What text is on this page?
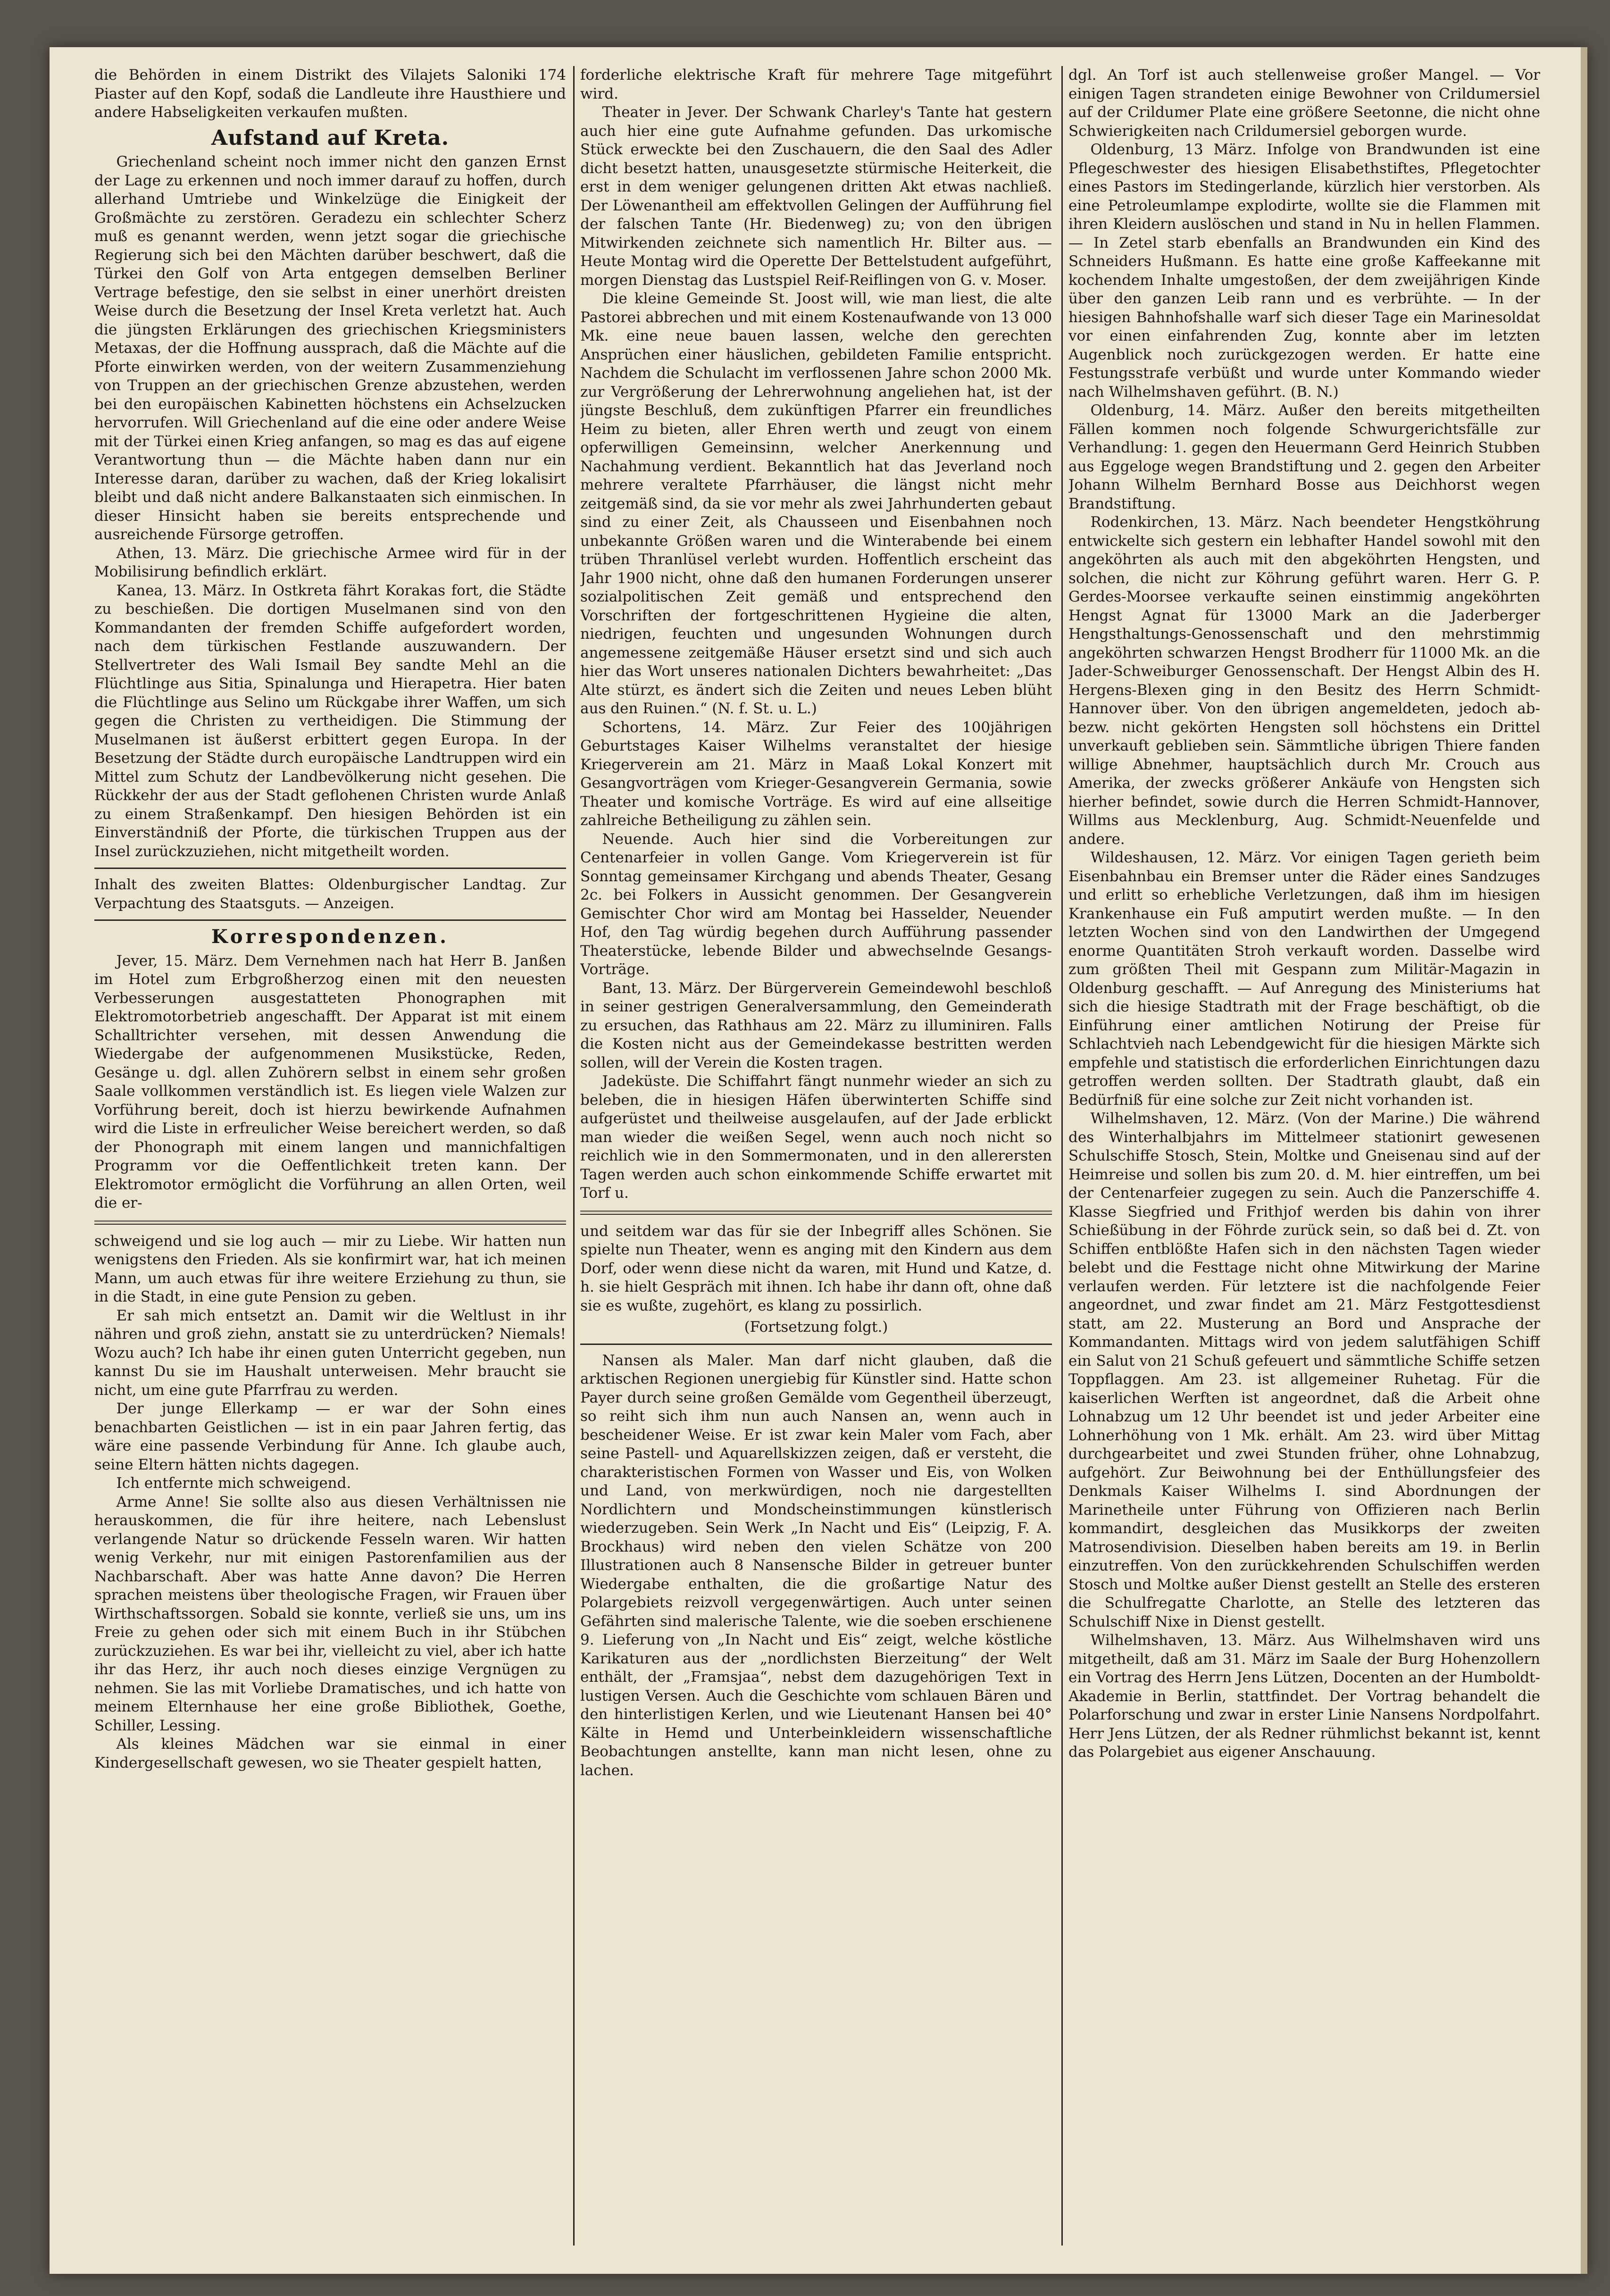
die Behörden in einem Distrikt des Vilajets Saloniki 174 Piaster auf den Kopf, sodaß die Landleute ihre Hausthiere und andere Habseligkeiten verkaufen mußten.

Aufstand auf Kreta.

Griechenland scheint noch immer nicht den ganzen Ernst der Lage zu erkennen und noch immer darauf zu hoffen, durch allerhand Umtriebe und Winkelzüge die Einigkeit der Großmächte zu zerstören. Geradezu ein schlechter Scherz muß es genannt werden, wenn jetzt sogar die griechische Regierung sich bei den Mächten darüber beschwert, daß die Türkei den Golf von Arta entgegen demselben Berliner Vertrage befestige, den sie selbst in einer unerhört dreisten Weise durch die Besetzung der Insel Kreta verletzt hat. Auch die jüngsten Erklärungen des griechischen Kriegsministers Metaxas, der die Hoffnung aussprach, daß die Mächte auf die Pforte einwirken werden, von der weitern Zusammenziehung von Truppen an der griechischen Grenze abzustehen, werden bei den europäischen Kabinetten höchstens ein Achselzucken hervorrufen. Will Griechenland auf die eine oder andere Weise mit der Türkei einen Krieg anfangen, so mag es das auf eigene Verantwortung thun — die Mächte haben dann nur ein Interesse daran, darüber zu wachen, daß der Krieg lokalisirt bleibt und daß nicht andere Balkanstaaten sich einmischen. In dieser Hinsicht haben sie bereits entsprechende und ausreichende Fürsorge getroffen.

Athen, 13. März. Die griechische Armee wird für in der Mobilisirung befindlich erklärt.

Kanea, 13. März. In Ostkreta fährt Korakas fort, die Städte zu beschießen. Die dortigen Muselmanen sind von den Kommandanten der fremden Schiffe aufgefordert worden, nach dem türkischen Festlande auszuwandern. Der Stellvertreter des Wali Ismail Bey sandte Mehl an die Flüchtlinge aus Sitia, Spinalunga und Hierapetra. Hier baten die Flüchtlinge aus Selino um Rückgabe ihrer Waffen, um sich gegen die Christen zu vertheidigen. Die Stimmung der Muselmanen ist äußerst erbittert gegen Europa. In der Besetzung der Städte durch europäische Landtruppen wird ein Mittel zum Schutz der Landbevölkerung nicht gesehen. Die Rückkehr der aus der Stadt geflohenen Christen wurde Anlaß zu einem Straßenkampf. Den hiesigen Behörden ist ein Einverständniß der Pforte, die türkischen Truppen aus der Insel zurückzuziehen, nicht mitgetheilt worden.

Inhalt des zweiten Blattes: Oldenburgischer Landtag. Zur Verpachtung des Staatsguts. — Anzeigen.

Korrespondenzen.

Jever, 15. März. Dem Vernehmen nach hat Herr B. Janßen im Hotel zum Erbgroßherzog einen mit den neuesten Verbesserungen ausgestatteten Phonographen mit Elektromotorbetrieb angeschafft. Der Apparat ist mit einem Schalltrichter versehen, mit dessen Anwendung die Wiedergabe der aufgenommenen Musikstücke, Reden, Gesänge u. dgl. allen Zuhörern selbst in einem sehr großen Saale vollkommen verständlich ist. Es liegen viele Walzen zur Vorführung bereit, doch ist hierzu bewirkende Aufnahmen wird die Liste in erfreulicher Weise bereichert werden, so daß der Phonograph mit einem langen und mannichfaltigen Programm vor die Oeffentlichkeit treten kann. Der Elektromotor ermöglicht die Vorführung an allen Orten, weil die er-

schweigend und sie log auch — mir zu Liebe. Wir hatten nun wenigstens den Frieden. Als sie konfirmirt war, hat ich meinen Mann, um auch etwas für ihre weitere Erziehung zu thun, sie in die Stadt, in eine gute Pension zu geben.

Er sah mich entsetzt an. Damit wir die Weltlust in ihr nähren und groß ziehn, anstatt sie zu unterdrücken? Niemals! Wozu auch? Ich habe ihr einen guten Unterricht gegeben, nun kannst Du sie im Haushalt unterweisen. Mehr braucht sie nicht, um eine gute Pfarrfrau zu werden.

Der junge Ellerkamp — er war der Sohn eines benachbarten Geistlichen — ist in ein paar Jahren fertig, das wäre eine passende Verbindung für Anne. Ich glaube auch, seine Eltern hätten nichts dagegen.

Ich entfernte mich schweigend.

Arme Anne! Sie sollte also aus diesen Verhältnissen nie herauskommen, die für ihre heitere, nach Lebenslust verlangende Natur so drückende Fesseln waren. Wir hatten wenig Verkehr, nur mit einigen Pastorenfamilien aus der Nachbarschaft. Aber was hatte Anne davon? Die Herren sprachen meistens über theologische Fragen, wir Frauen über Wirthschaftssorgen. Sobald sie konnte, verließ sie uns, um ins Freie zu gehen oder sich mit einem Buch in ihr Stübchen zurückzuziehen. Es war bei ihr, vielleicht zu viel, aber ich hatte ihr das Herz, ihr auch noch dieses einzige Vergnügen zu nehmen. Sie las mit Vorliebe Dramatisches, und ich hatte von meinem Elternhause her eine große Bibliothek, Goethe, Schiller, Lessing.

Als kleines Mädchen war sie einmal in einer Kindergesellschaft gewesen, wo sie Theater gespielt hatten,

forderliche elektrische Kraft für mehrere Tage mitgeführt wird.

Theater in Jever. Der Schwank Charley's Tante hat gestern auch hier eine gute Aufnahme gefunden. Das urkomische Stück erweckte bei den Zuschauern, die den Saal des Adler dicht besetzt hatten, unausgesetzte stürmische Heiterkeit, die erst in dem weniger gelungenen dritten Akt etwas nachließ. Der Löwenantheil am effektvollen Gelingen der Aufführung fiel der falschen Tante (Hr. Biedenweg) zu; von den übrigen Mitwirkenden zeichnete sich namentlich Hr. Bilter aus. — Heute Montag wird die Operette Der Bettelstudent aufgeführt, morgen Dienstag das Lustspiel Reif-Reiflingen von G. v. Moser.

Die kleine Gemeinde St. Joost will, wie man liest, die alte Pastorei abbrechen und mit einem Kostenaufwande von 13 000 Mk. eine neue bauen lassen, welche den gerechten Ansprüchen einer häuslichen, gebildeten Familie entspricht. Nachdem die Schulacht im verflossenen Jahre schon 2000 Mk. zur Vergrößerung der Lehrerwohnung angeliehen hat, ist der jüngste Beschluß, dem zukünftigen Pfarrer ein freundliches Heim zu bieten, aller Ehren werth und zeugt von einem opferwilligen Gemeinsinn, welcher Anerkennung und Nachahmung verdient. Bekanntlich hat das Jeverland noch mehrere veraltete Pfarrhäuser, die längst nicht mehr zeitgemäß sind, da sie vor mehr als zwei Jahrhunderten gebaut sind zu einer Zeit, als Chausseen und Eisenbahnen noch unbekannte Größen waren und die Winterabende bei einem trüben Thranlüsel verlebt wurden. Hoffentlich erscheint das Jahr 1900 nicht, ohne daß den humanen Forderungen unserer sozialpolitischen Zeit gemäß und entsprechend den Vorschriften der fortgeschrittenen Hygieine die alten, niedrigen, feuchten und ungesunden Wohnungen durch angemessene zeitgemäße Häuser ersetzt sind und sich auch hier das Wort unseres nationalen Dichters bewahrheitet: „Das Alte stürzt, es ändert sich die Zeiten und neues Leben blüht aus den Ruinen.“ (N. f. St. u. L.)

Schortens, 14. März. Zur Feier des 100jährigen Geburtstages Kaiser Wilhelms veranstaltet der hiesige Kriegerverein am 21. März in Maaß Lokal Konzert mit Gesangvorträgen vom Krieger-Gesangverein Germania, sowie Theater und komische Vorträge. Es wird auf eine allseitige zahlreiche Betheiligung zu zählen sein.

Neuende. Auch hier sind die Vorbereitungen zur Centenarfeier in vollen Gange. Vom Kriegerverein ist für Sonntag gemeinsamer Kirchgang und abends Theater, Gesang 2c. bei Folkers in Aussicht genommen. Der Gesangverein Gemischter Chor wird am Montag bei Hasselder, Neuender Hof, den Tag würdig begehen durch Aufführung passender Theaterstücke, lebende Bilder und abwechselnde Gesangs-Vorträge.

Bant, 13. März. Der Bürgerverein Gemeindewohl beschloß in seiner gestrigen Generalversammlung, den Gemeinderath zu ersuchen, das Rathhaus am 22. März zu illuminiren. Falls die Kosten nicht aus der Gemeindekasse bestritten werden sollen, will der Verein die Kosten tragen.

Jadeküste. Die Schiffahrt fängt nunmehr wieder an sich zu beleben, die in hiesigen Häfen überwinterten Schiffe sind aufgerüstet und theilweise ausgelaufen, auf der Jade erblickt man wieder die weißen Segel, wenn auch noch nicht so reichlich wie in den Sommermonaten, und in den allerersten Tagen werden auch schon einkommende Schiffe erwartet mit Torf u.

und seitdem war das für sie der Inbegriff alles Schönen. Sie spielte nun Theater, wenn es anging mit den Kindern aus dem Dorf, oder wenn diese nicht da waren, mit Hund und Katze, d. h. sie hielt Gespräch mit ihnen. Ich habe ihr dann oft, ohne daß sie es wußte, zugehört, es klang zu possirlich.

(Fortsetzung folgt.)

Nansen als Maler. Man darf nicht glauben, daß die arktischen Regionen unergiebig für Künstler sind. Hatte schon Payer durch seine großen Gemälde vom Gegentheil überzeugt, so reiht sich ihm nun auch Nansen an, wenn auch in bescheidener Weise. Er ist zwar kein Maler vom Fach, aber seine Pastell- und Aquarellskizzen zeigen, daß er versteht, die charakteristischen Formen von Wasser und Eis, von Wolken und Land, von merkwürdigen, noch nie dargestellten Nordlichtern und Mondscheinstimmungen künstlerisch wiederzugeben. Sein Werk „In Nacht und Eis“ (Leipzig, F. A. Brockhaus) wird neben den vielen Schätze von 200 Illustrationen auch 8 Nansensche Bilder in getreuer bunter Wiedergabe enthalten, die die großartige Natur des Polargebiets reizvoll vergegenwärtigen. Auch unter seinen Gefährten sind malerische Talente, wie die soeben erschienene 9. Lieferung von „In Nacht und Eis“ zeigt, welche köstliche Karikaturen aus der „nordlichsten Bierzeitung“ der Welt enthält, der „Framsjaa“, nebst dem dazugehörigen Text in lustigen Versen. Auch die Geschichte vom schlauen Bären und den hinterlistigen Kerlen, und wie Lieutenant Hansen bei 40° Kälte in Hemd und Unterbeinkleidern wissenschaftliche Beobachtungen anstellte, kann man nicht lesen, ohne zu lachen.

dgl. An Torf ist auch stellenweise großer Mangel. — Vor einigen Tagen strandeten einige Bewohner von Crildumersiel auf der Crildumer Plate eine größere Seetonne, die nicht ohne Schwierigkeiten nach Crildumersiel geborgen wurde.

Oldenburg, 13 März. Infolge von Brandwunden ist eine Pflegeschwester des hiesigen Elisabethstiftes, Pflegetochter eines Pastors im Stedingerlande, kürzlich hier verstorben. Als eine Petroleumlampe explodirte, wollte sie die Flammen mit ihren Kleidern auslöschen und stand in Nu in hellen Flammen. — In Zetel starb ebenfalls an Brandwunden ein Kind des Schneiders Hußmann. Es hatte eine große Kaffeekanne mit kochendem Inhalte umgestoßen, der dem zweijährigen Kinde über den ganzen Leib rann und es verbrühte. — In der hiesigen Bahnhofshalle warf sich dieser Tage ein Marinesoldat vor einen einfahrenden Zug, konnte aber im letzten Augenblick noch zurückgezogen werden. Er hatte eine Festungsstrafe verbüßt und wurde unter Kommando wieder nach Wilhelmshaven geführt. (B. N.)

Oldenburg, 14. März. Außer den bereits mitgetheilten Fällen kommen noch folgende Schwurgerichtsfälle zur Verhandlung: 1. gegen den Heuermann Gerd Heinrich Stubben aus Eggeloge wegen Brandstiftung und 2. gegen den Arbeiter Johann Wilhelm Bernhard Bosse aus Deichhorst wegen Brandstiftung.

Rodenkirchen, 13. März. Nach beendeter Hengstköhrung entwickelte sich gestern ein lebhafter Handel sowohl mit den angeköhrten als auch mit den abgeköhrten Hengsten, und solchen, die nicht zur Köhrung geführt waren. Herr G. P. Gerdes-Moorsee verkaufte seinen einstimmig angeköhrten Hengst Agnat für 13000 Mark an die Jaderberger Hengsthaltungs-Genossenschaft und den mehrstimmig angeköhrten schwarzen Hengst Brodherr für 11000 Mk. an die Jader-Schweiburger Genossenschaft. Der Hengst Albin des H. Hergens-Blexen ging in den Besitz des Herrn Schmidt-Hannover über. Von den übrigen angemeldeten, jedoch ab- bezw. nicht gekörten Hengsten soll höchstens ein Drittel unverkauft geblieben sein. Sämmtliche übrigen Thiere fanden willige Abnehmer, hauptsächlich durch Mr. Crouch aus Amerika, der zwecks größerer Ankäufe von Hengsten sich hierher befindet, sowie durch die Herren Schmidt-Hannover, Willms aus Mecklenburg, Aug. Schmidt-Neuenfelde und andere.

Wildeshausen, 12. März. Vor einigen Tagen gerieth beim Eisenbahnbau ein Bremser unter die Räder eines Sandzuges und erlitt so erhebliche Verletzungen, daß ihm im hiesigen Krankenhause ein Fuß amputirt werden mußte. — In den letzten Wochen sind von den Landwirthen der Umgegend enorme Quantitäten Stroh verkauft worden. Dasselbe wird zum größten Theil mit Gespann zum Militär-Magazin in Oldenburg geschafft. — Auf Anregung des Ministeriums hat sich die hiesige Stadtrath mit der Frage beschäftigt, ob die Einführung einer amtlichen Notirung der Preise für Schlachtvieh nach Lebendgewicht für die hiesigen Märkte sich empfehle und statistisch die erforderlichen Einrichtungen dazu getroffen werden sollten. Der Stadtrath glaubt, daß ein Bedürfniß für eine solche zur Zeit nicht vorhanden ist.

Wilhelmshaven, 12. März. (Von der Marine.) Die während des Winterhalbjahrs im Mittelmeer stationirt gewesenen Schulschiffe Stosch, Stein, Moltke und Gneisenau sind auf der Heimreise und sollen bis zum 20. d. M. hier eintreffen, um bei der Centenarfeier zugegen zu sein. Auch die Panzerschiffe 4. Klasse Siegfried und Frithjof werden bis dahin von ihrer Schießübung in der Föhrde zurück sein, so daß bei d. Zt. von Schiffen entblößte Hafen sich in den nächsten Tagen wieder belebt und die Festtage nicht ohne Mitwirkung der Marine verlaufen werden. Für letztere ist die nachfolgende Feier angeordnet, und zwar findet am 21. März Festgottesdienst statt, am 22. Musterung an Bord und Ansprache der Kommandanten. Mittags wird von jedem salutfähigen Schiff ein Salut von 21 Schuß gefeuert und sämmtliche Schiffe setzen Toppflaggen. Am 23. ist allgemeiner Ruhetag. Für die kaiserlichen Werften ist angeordnet, daß die Arbeit ohne Lohnabzug um 12 Uhr beendet ist und jeder Arbeiter eine Lohnerhöhung von 1 Mk. erhält. Am 23. wird über Mittag durchgearbeitet und zwei Stunden früher, ohne Lohnabzug, aufgehört. Zur Beiwohnung bei der Enthüllungsfeier des Denkmals Kaiser Wilhelms I. sind Abordnungen der Marinetheile unter Führung von Offizieren nach Berlin kommandirt, desgleichen das Musikkorps der zweiten Matrosendivision. Dieselben haben bereits am 19. in Berlin einzutreffen. Von den zurückkehrenden Schulschiffen werden Stosch und Moltke außer Dienst gestellt an Stelle des ersteren die Schulfregatte Charlotte, an Stelle des letzteren das Schulschiff Nixe in Dienst gestellt.

Wilhelmshaven, 13. März. Aus Wilhelmshaven wird uns mitgetheilt, daß am 31. März im Saale der Burg Hohenzollern ein Vortrag des Herrn Jens Lützen, Docenten an der Humboldt-Akademie in Berlin, stattfindet. Der Vortrag behandelt die Polarforschung und zwar in erster Linie Nansens Nordpolfahrt. Herr Jens Lützen, der als Redner rühmlichst bekannt ist, kennt das Polargebiet aus eigener Anschauung.
